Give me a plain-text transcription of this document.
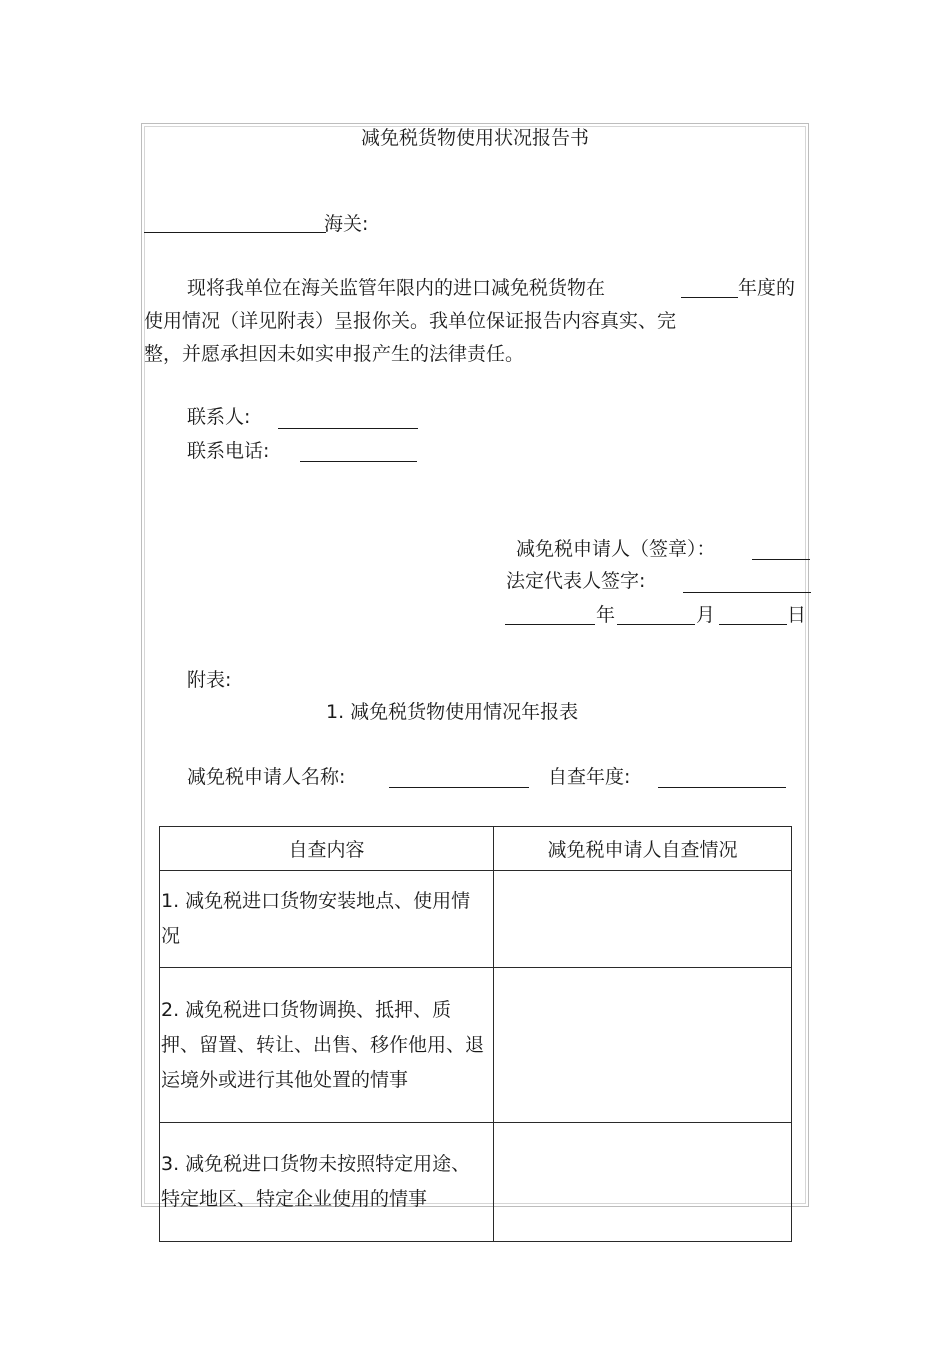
减免税货物使用状况报告书
海关:
现将我单位在海关监管年限内的进口减免税货物在	年度的
使用情况（详见附表）呈报你关。我单位保证报告内容真实、完
整，并愿承担因未如实申报产生的法律责任。
联系人:
联系电话:
减免税申请人（签章）：
法定代表人签字:
年	月	日
附表:
1. 减免税货物使用情况年报表
减免税申请人名称:	自查年度:
自查内容	减免税申请人自查情况
1. 减免税进口货物安装地点、使用情况	
2. 减免税进口货物调换、抵押、质押、留置、转让、出售、移作他用、退运境外或进行其他处置的情事	
3. 减免税进口货物未按照特定用途、特定地区、特定企业使用的情事	
